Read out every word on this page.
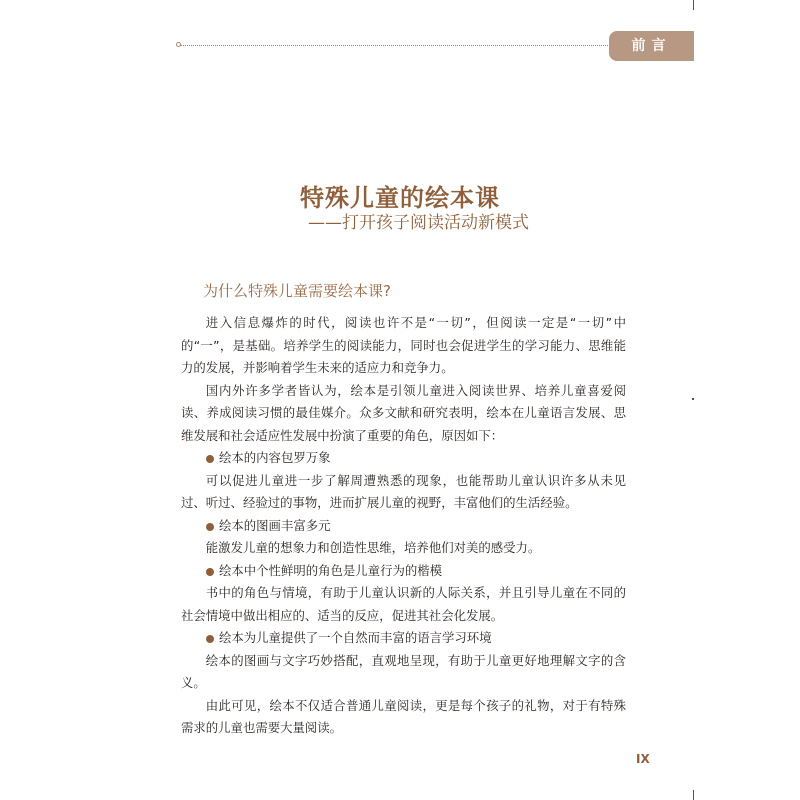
前言
特殊儿童的绘本课
——打开孩子阅读活动新模式
为什么特殊儿童需要绘本课?

进入信息爆炸的时代，阅读也许不是“一切”，但阅读一定是“一切”中的“一”，是基础。培养学生的阅读能力，同时也会促进学生的学习能力、思维能力的发展，并影响着学生未来的适应力和竞争力。

国内外许多学者皆认为，绘本是引领儿童进入阅读世界、培养儿童喜爱阅读、养成阅读习惯的最佳媒介。众多文献和研究表明，绘本在儿童语言发展、思维发展和社会适应性发展中扮演了重要的角色，原因如下：

绘本的内容包罗万象

可以促进儿童进一步了解周遭熟悉的现象，也能帮助儿童认识许多从未见过、听过、经验过的事物，进而扩展儿童的视野，丰富他们的生活经验。

绘本的图画丰富多元

能激发儿童的想象力和创造性思维，培养他们对美的感受力。

绘本中个性鲜明的角色是儿童行为的楷模

书中的角色与情境，有助于儿童认识新的人际关系，并且引导儿童在不同的社会情境中做出相应的、适当的反应，促进其社会化发展。

绘本为儿童提供了一个自然而丰富的语言学习环境

绘本的图画与文字巧妙搭配，直观地呈现，有助于儿童更好地理解文字的含义。

由此可见，绘本不仅适合普通儿童阅读，更是每个孩子的礼物，对于有特殊需求的儿童也需要大量阅读。

IX
